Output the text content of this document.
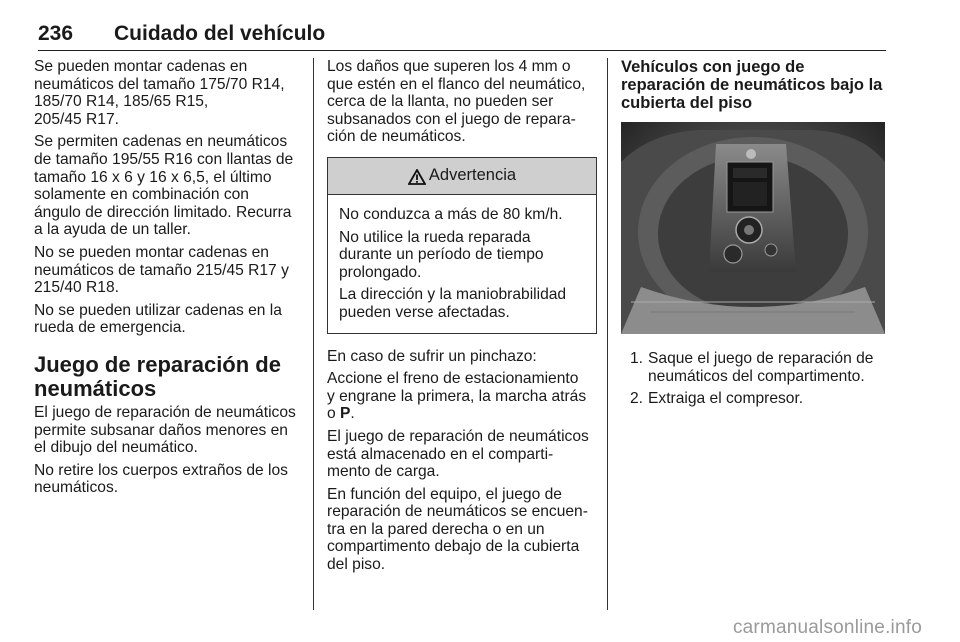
236 Cuidado del vehículo

Se pueden montar cadenas en
neumáticos del tamaño 175/70 R14,
185/70 R14, 185/65 R15,
205/45 R17.

Se permiten cadenas en neumáticos
de tamaño 195/55 R16 con llantas de
tamaño 16 x 6 y 16 x 6,5, el último
solamente en combinación con
ángulo de dirección limitado. Recurra
a la ayuda de un taller.

No se pueden montar cadenas en
neumáticos de tamaño 215/45 R17 y
215/40 R18.

No se pueden utilizar cadenas en la
rueda de emergencia.

Juego de reparación de
neumáticos

El juego de reparación de neumáticos
permite subsanar daños menores en
el dibujo del neumático.

No retire los cuerpos extraños de los
neumáticos.

Los daños que superen los 4 mm o
que estén en el flanco del neumático,
cerca de la llanta, no pueden ser
subsanados con el juego de repara‐
ción de neumáticos.

Advertencia

No conduzca a más de 80 km/h.

No utilice la rueda reparada
durante un período de tiempo
prolongado.

La dirección y la maniobrabilidad
pueden verse afectadas.

En caso de sufrir un pinchazo:

Accione el freno de estacionamiento
y engrane la primera, la marcha atrás
o P.

El juego de reparación de neumáticos
está almacenado en el comparti‐
mento de carga.

En función del equipo, el juego de
reparación de neumáticos se encuen‐
tra en la pared derecha o en un
compartimento debajo de la cubierta
del piso.

Vehículos con juego de
reparación de neumáticos bajo la
cubierta del piso
1. Saque el juego de reparación de
neumáticos del compartimento.
2. Extraiga el compresor.
carmanualsonline.info
